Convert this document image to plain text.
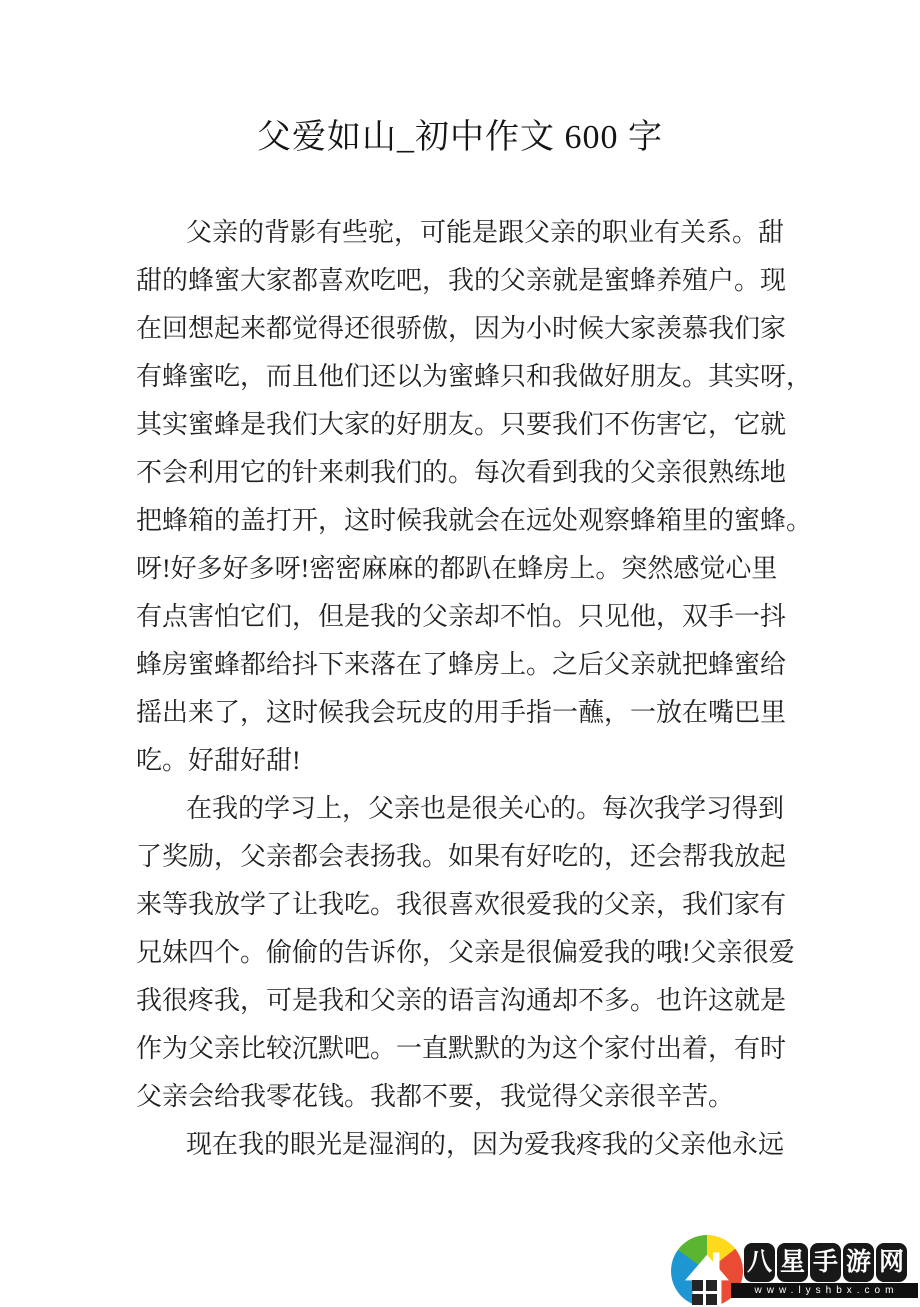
父爱如山_初中作文 600 字
父亲的背影有些驼，可能是跟父亲的职业有关系。甜
甜的蜂蜜大家都喜欢吃吧，我的父亲就是蜜蜂养殖户。现
在回想起来都觉得还很骄傲，因为小时候大家羡慕我们家
有蜂蜜吃，而且他们还以为蜜蜂只和我做好朋友。其实呀，
其实蜜蜂是我们大家的好朋友。只要我们不伤害它，它就
不会利用它的针来刺我们的。每次看到我的父亲很熟练地
把蜂箱的盖打开，这时候我就会在远处观察蜂箱里的蜜蜂。
呀!好多好多呀!密密麻麻的都趴在蜂房上。突然感觉心里
有点害怕它们，但是我的父亲却不怕。只见他，双手一抖
蜂房蜜蜂都给抖下来落在了蜂房上。之后父亲就把蜂蜜给
摇出来了，这时候我会玩皮的用手指一蘸，一放在嘴巴里
吃。好甜好甜!
在我的学习上，父亲也是很关心的。每次我学习得到
了奖励，父亲都会表扬我。如果有好吃的，还会帮我放起
来等我放学了让我吃。我很喜欢很爱我的父亲，我们家有
兄妹四个。偷偷的告诉你，父亲是很偏爱我的哦!父亲很爱
我很疼我，可是我和父亲的语言沟通却不多。也许这就是
作为父亲比较沉默吧。一直默默的为这个家付出着，有时
父亲会给我零花钱。我都不要，我觉得父亲很辛苦。
现在我的眼光是湿润的，因为爱我疼我的父亲他永远
八 星 手 游 网
www.lyshbx.com
